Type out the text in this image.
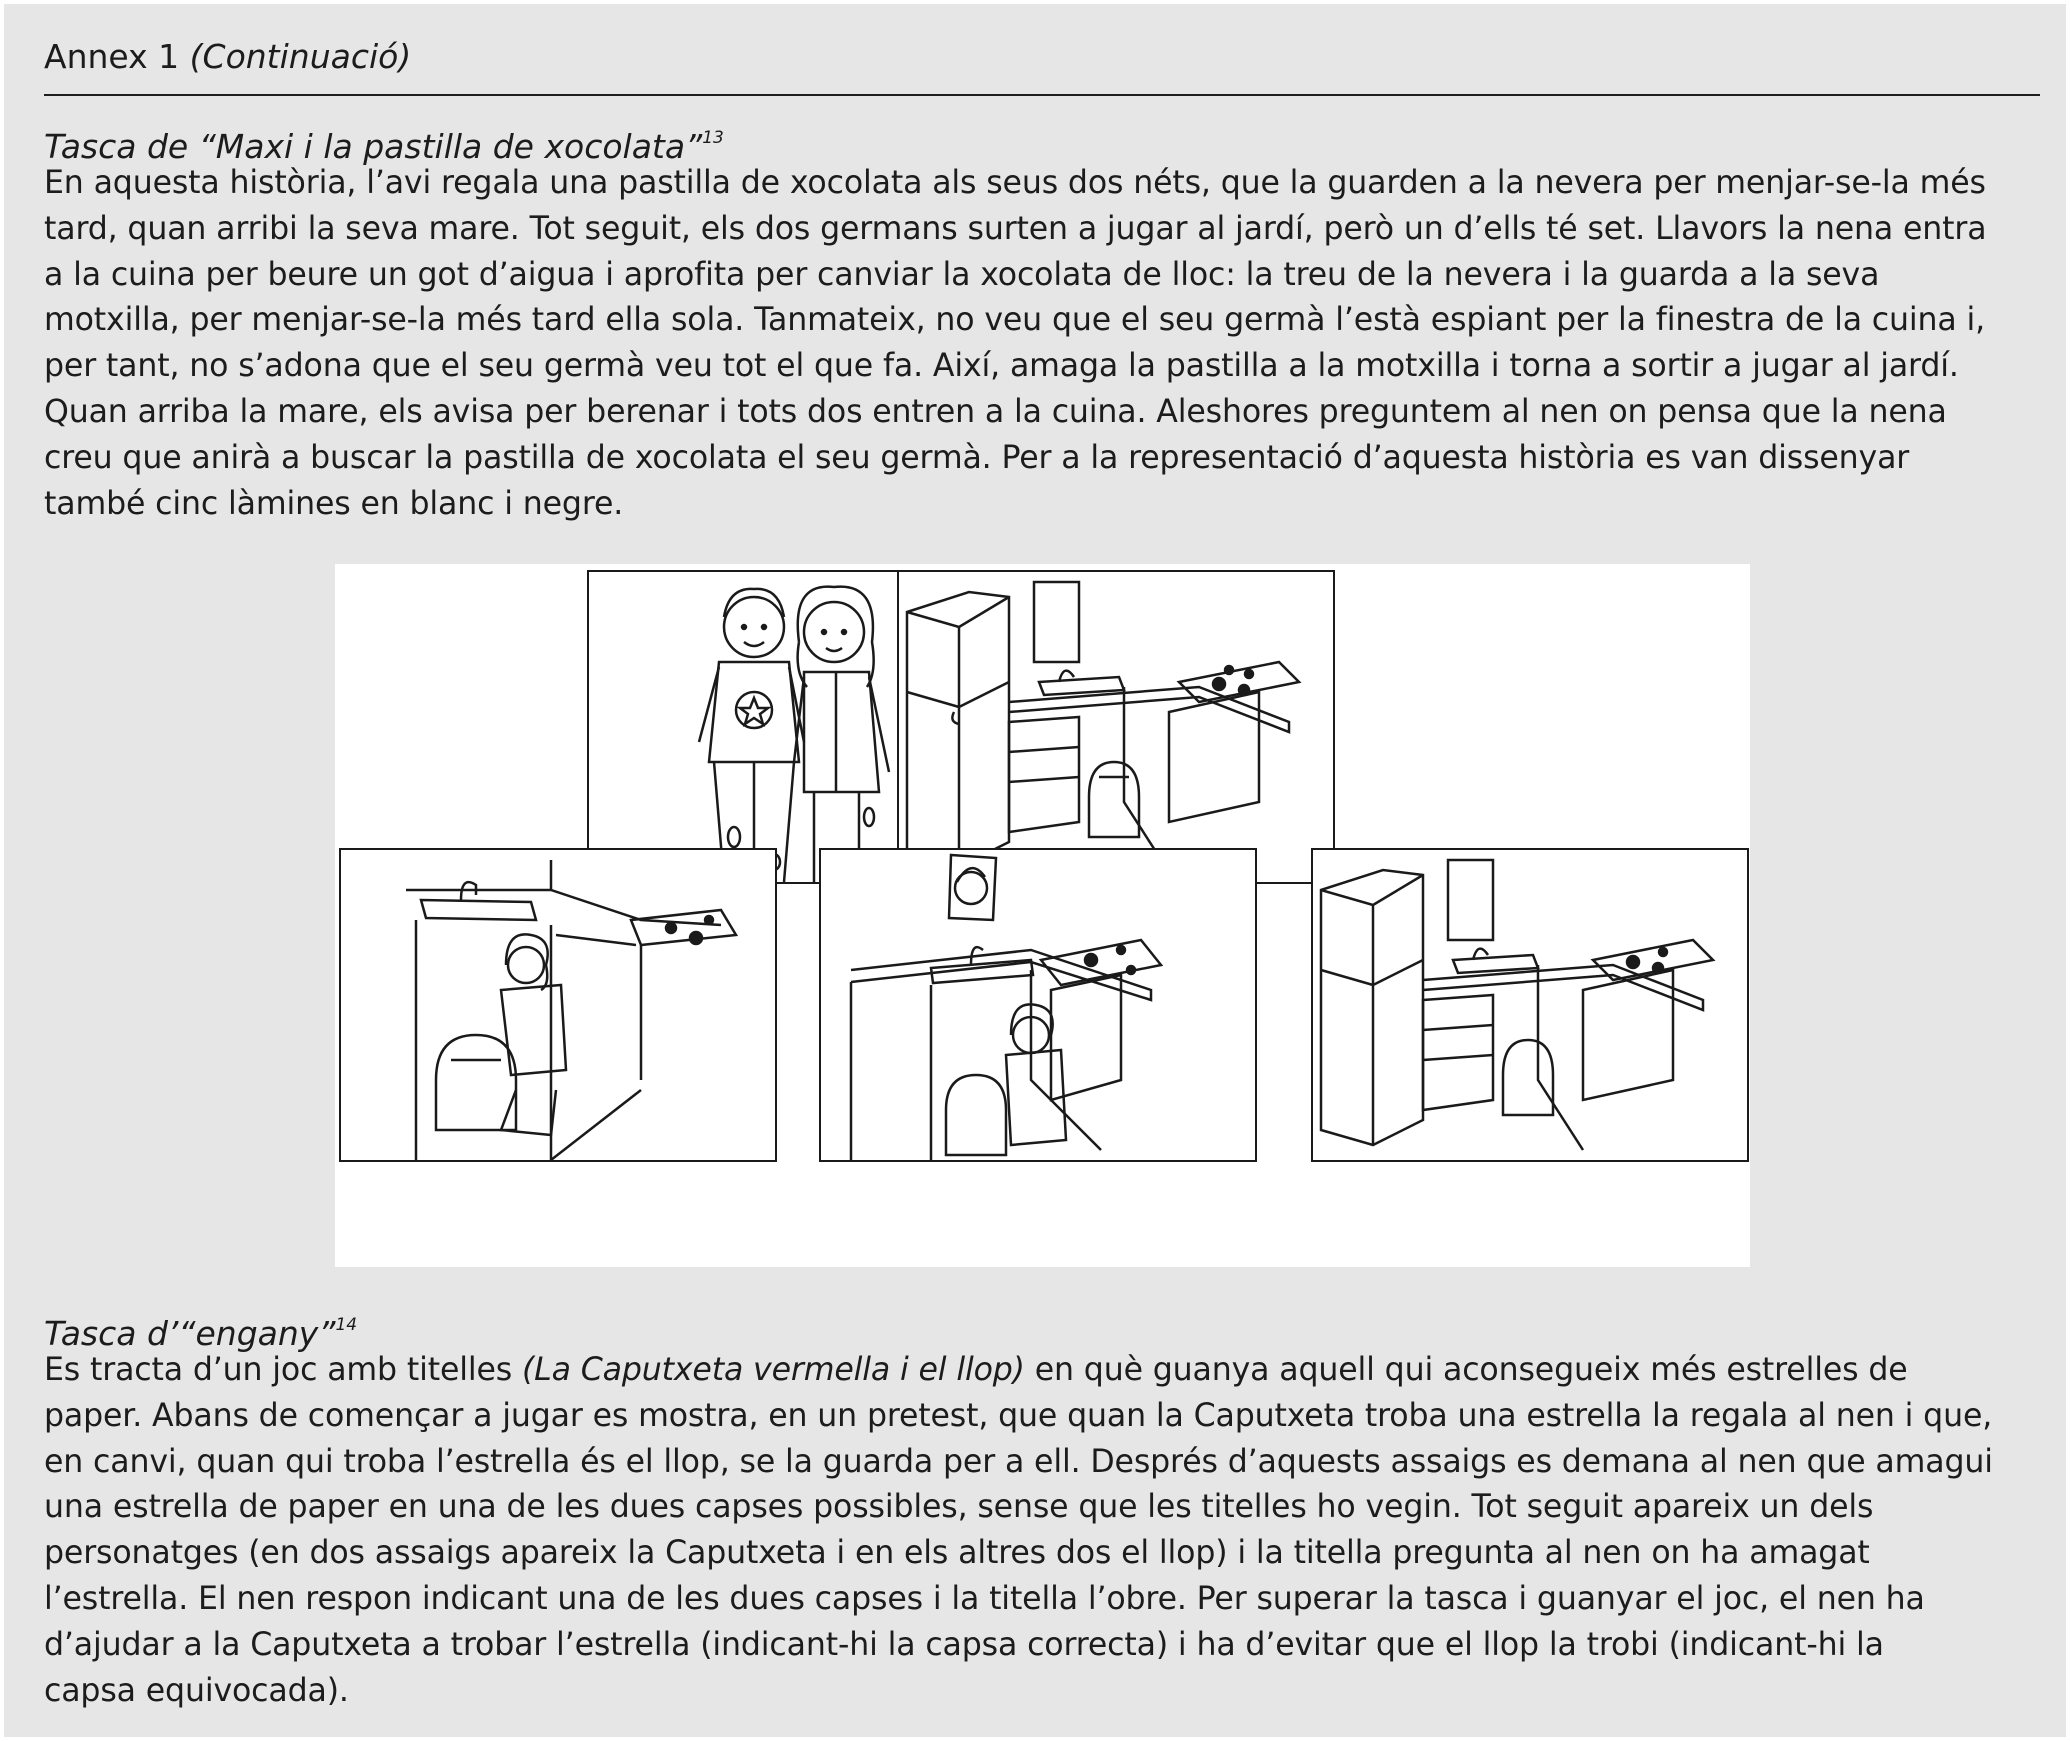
Annex 1 (Continuació)
Tasca de “Maxi i la pastilla de xocolata”$^{13}$
En aquesta història, l’avi regala una pastilla de xocolata als seus dos néts, que la guarden a la nevera per menjar-se-la més
tard, quan arribi la seva mare. Tot seguit, els dos germans surten a jugar al jardí, però un d’ells té set. Llavors la nena entra
a la cuina per beure un got d’aigua i aprofita per canviar la xocolata de lloc: la treu de la nevera i la guarda a la seva
motxilla, per menjar-se-la més tard ella sola. Tanmateix, no veu que el seu germà l’està espiant per la finestra de la cuina i,
per tant, no s’adona que el seu germà veu tot el que fa. Així, amaga la pastilla a la motxilla i torna a sortir a jugar al jardí.
Quan arriba la mare, els avisa per berenar i tots dos entren a la cuina. Aleshores preguntem al nen on pensa que la nena
creu que anirà a buscar la pastilla de xocolata el seu germà. Per a la representació d’aquesta història es van dissenyar
també cinc làmines en blanc i negre.
Tasca d’“engany”$^{14}$
Es tracta d’un joc amb titelles (La Caputxeta vermella i el llop) en què guanya aquell qui aconsegueix més estrelles de
paper. Abans de començar a jugar es mostra, en un pretest, que quan la Caputxeta troba una estrella la regala al nen i que,
en canvi, quan qui troba l’estrella és el llop, se la guarda per a ell. Després d’aquests assaigs es demana al nen que amagui
una estrella de paper en una de les dues capses possibles, sense que les titelles ho vegin. Tot seguit apareix un dels
personatges (en dos assaigs apareix la Caputxeta i en els altres dos el llop) i la titella pregunta al nen on ha amagat
l’estrella. El nen respon indicant una de les dues capses i la titella l’obre. Per superar la tasca i guanyar el joc, el nen ha
d’ajudar a la Caputxeta a trobar l’estrella (indicant-hi la capsa correcta) i ha d’evitar que el llop la trobi (indicant-hi la
capsa equivocada).
